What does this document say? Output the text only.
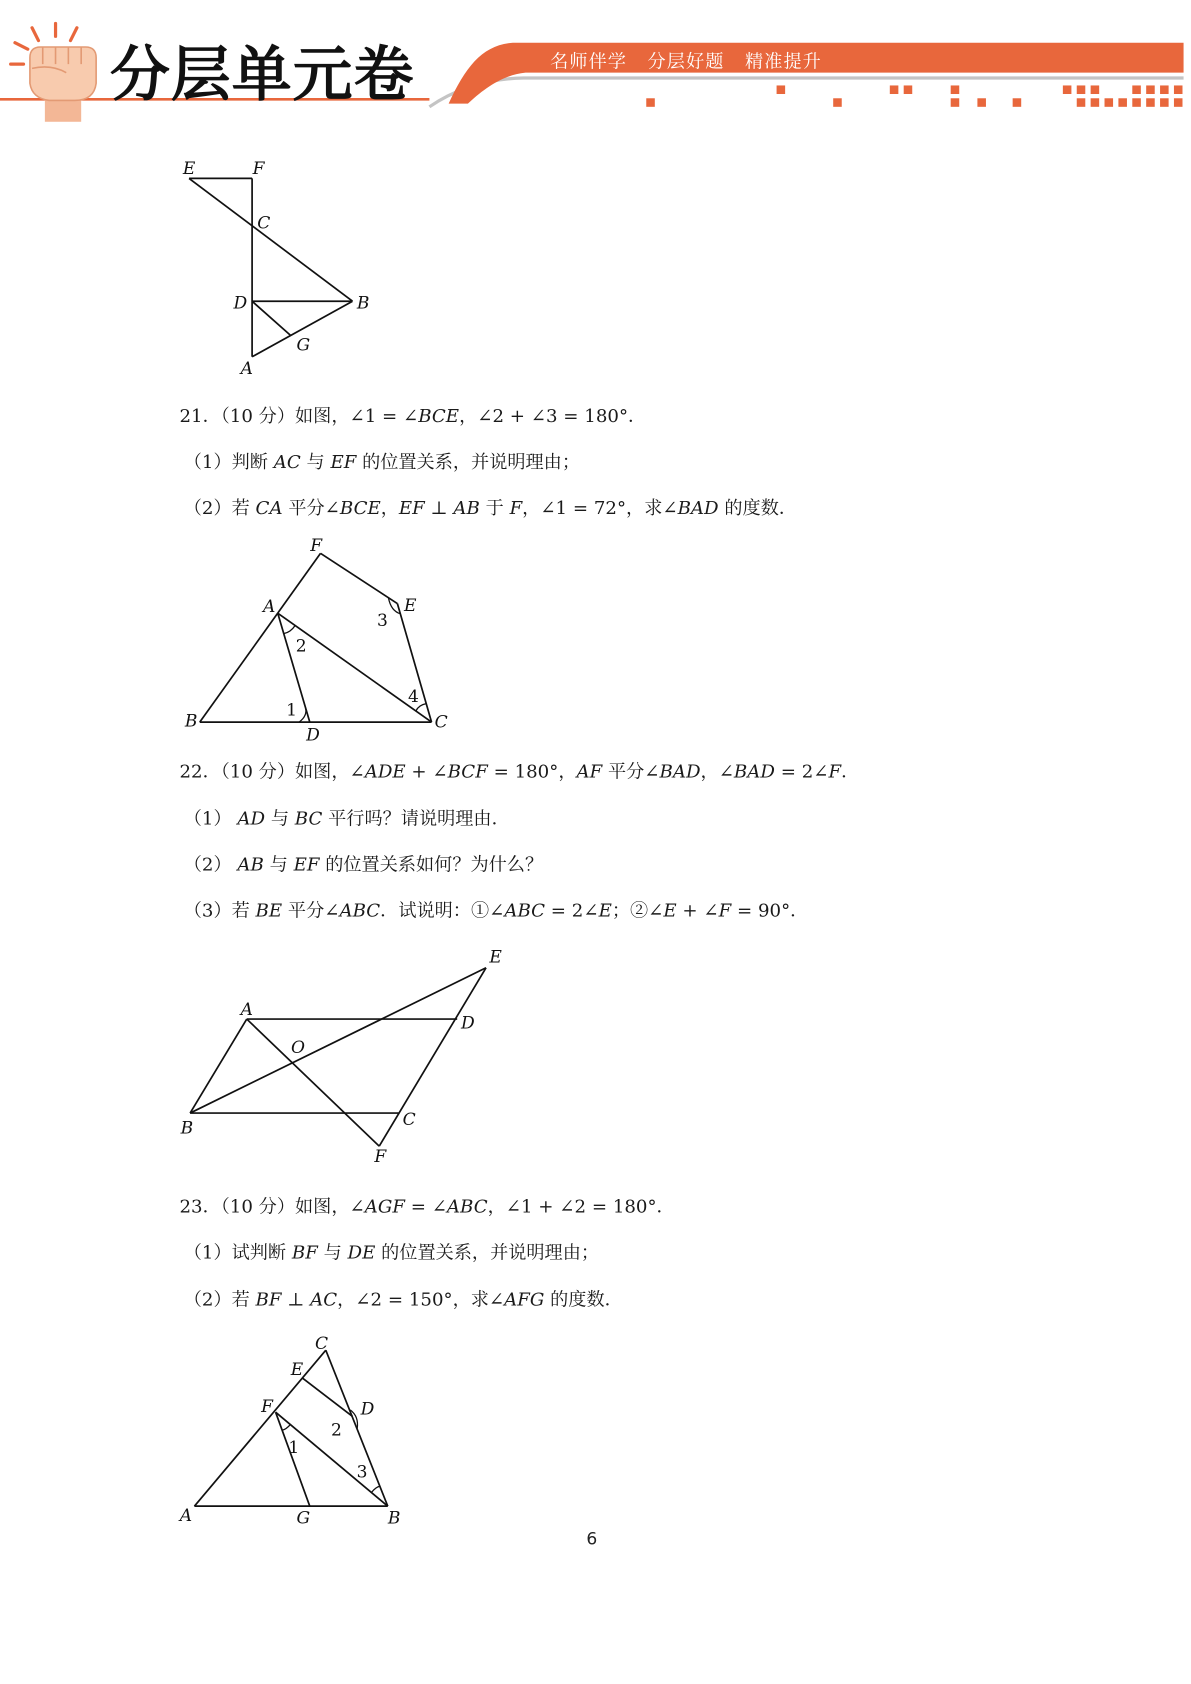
E	F
C
D	B
G
A
F
A	E
3
2
1
4
B
D
C
E
A
D
O
B	C
F
C
E
F	D
2
1
3
A	G	B
分层单元卷	名师伴学   分层好题   精准提升
21．（10 分）如图，∠1 = ∠BCE，∠2 + ∠3 = 180°．
（1）判断 AC 与 EF 的位置关系，并说明理由；
（2）若 CA 平分∠BCE，EF ⊥ AB 于 F，∠1 = 72°，求∠BAD 的度数．
22．（10 分）如图，∠ADE + ∠BCF = 180°，AF 平分∠BAD，∠BAD = 2∠F．
（1） AD 与 BC 平行吗？请说明理由．
（2） AB 与 EF 的位置关系如何？为什么？
（3）若 BE 平分∠ABC．试说明：①∠ABC = 2∠E；②∠E + ∠F = 90°．
23．（10 分）如图，∠AGF = ∠ABC，∠1 + ∠2 = 180°．
（1）试判断 BF 与 DE 的位置关系，并说明理由；
（2）若 BF ⊥ AC，∠2 = 150°，求∠AFG 的度数．
6
